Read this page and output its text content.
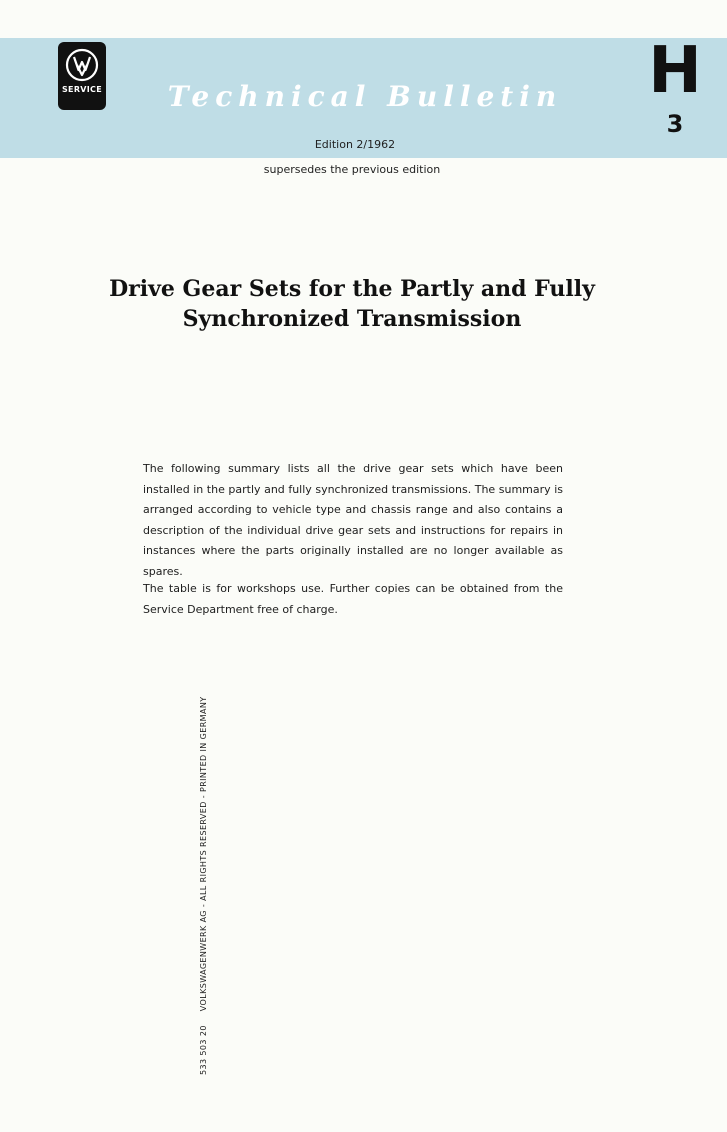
SERVICE	Technical Bulletin H
3
Edition 2/1962
supersedes the previous edition
Drive Gear Sets for the Partly and Fully Synchronized Transmission

The following summary lists all the drive gear sets which have been installed in the partly and fully synchronized transmissions. The summary is arranged according to vehicle type and chassis range and also contains a description of the individual drive gear sets and instructions for repairs in instances where the parts originally installed are no longer available as spares.

The table is for workshops use. Further copies can be obtained from the Service Department free of charge.

533 503 20
VOLKSWAGENWERK AG - ALL RIGHTS RESERVED - PRINTED IN GERMANY
